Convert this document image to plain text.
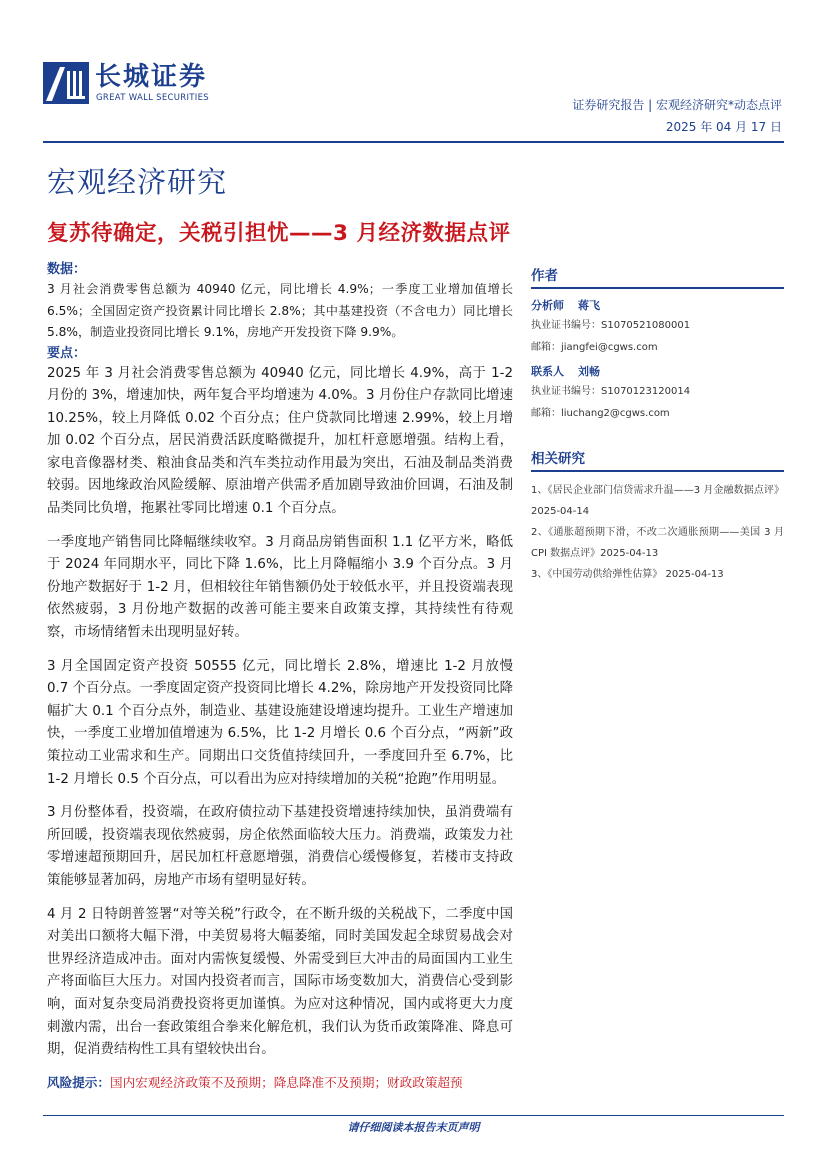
长城证券
GREAT WALL SECURITIES	证券研究报告 | 宏观经济研究*动态点评
2025 年 04 月 17 日
宏观经济研究
复苏待确定，关税引担忧——3 月经济数据点评
数据：
3 月社会消费零售总额为 40940 亿元，同比增长 4.9%；一季度工业增加值增长 6.5%；全国固定资产投资累计同比增长 2.8%；其中基建投资（不含电力）同比增长 5.8%，制造业投资同比增长 9.1%，房地产开发投资下降 9.9%。
要点：
2025 年 3 月社会消费零售总额为 40940 亿元，同比增长 4.9%，高于 1-2 月份的 3%，增速加快，两年复合平均增速为 4.0%。3 月份住户存款同比增速 10.25%，较上月降低 0.02 个百分点；住户贷款同比增速 2.99%，较上月增加 0.02 个百分点，居民消费活跃度略微提升，加杠杆意愿增强。结构上看，家电音像器材类、粮油食品类和汽车类拉动作用最为突出，石油及制品类消费较弱。因地缘政治风险缓解、原油增产供需矛盾加剧导致油价回调，石油及制品类同比负增，拖累社零同比增速 0.1 个百分点。
一季度地产销售同比降幅继续收窄。3 月商品房销售面积 1.1 亿平方米，略低于 2024 年同期水平，同比下降 1.6%，比上月降幅缩小 3.9 个百分点。3 月份地产数据好于 1-2 月，但相较往年销售额仍处于较低水平，并且投资端表现依然疲弱，3 月份地产数据的改善可能主要来自政策支撑，其持续性有待观察，市场情绪暂未出现明显好转。
3 月全国固定资产投资 50555 亿元，同比增长 2.8%，增速比 1-2 月放慢 0.7 个百分点。一季度固定资产投资同比增长 4.2%，除房地产开发投资同比降幅扩大 0.1 个百分点外，制造业、基建设施建设增速均提升。工业生产增速加快，一季度工业增加值增速为 6.5%，比 1-2 月增长 0.6 个百分点，“两新”政策拉动工业需求和生产。同期出口交货值持续回升，一季度回升至 6.7%，比 1-2 月增长 0.5 个百分点，可以看出为应对持续增加的关税“抢跑”作用明显。
3 月份整体看，投资端，在政府债拉动下基建投资增速持续加快，虽消费端有所回暖，投资端表现依然疲弱，房企依然面临较大压力。消费端，政策发力社零增速超预期回升，居民加杠杆意愿增强，消费信心缓慢修复，若楼市支持政策能够显著加码，房地产市场有望明显好转。
4 月 2 日特朗普签署“对等关税”行政令，在不断升级的关税战下，二季度中国对美出口额将大幅下滑，中美贸易将大幅萎缩，同时美国发起全球贸易战会对世界经济造成冲击。面对内需恢复缓慢、外需受到巨大冲击的局面国内工业生产将面临巨大压力。对国内投资者而言，国际市场变数加大，消费信心受到影响，面对复杂变局消费投资将更加谨慎。为应对这种情况，国内或将更大力度刺激内需，出台一套政策组合拳来化解危机，我们认为货币政策降准、降息可期，促消费结构性工具有望较快出台。
风险提示：国内宏观经济政策不及预期；降息降准不及预期；财政政策超预
作者
分析师 蒋飞
执业证书编号：S1070521080001
邮箱：jiangfei@cgws.com
联系人 刘畅
执业证书编号：S1070123120014
邮箱：liuchang2@cgws.com
相关研究
1、《居民企业部门信贷需求升温——3 月金融数据点评》2025-04-14
2、《通胀超预期下滑，不改二次通胀预期——美国 3 月 CPI 数据点评》2025-04-13
3、《中国劳动供给弹性估算》 2025-04-13
请仔细阅读本报告末页声明
